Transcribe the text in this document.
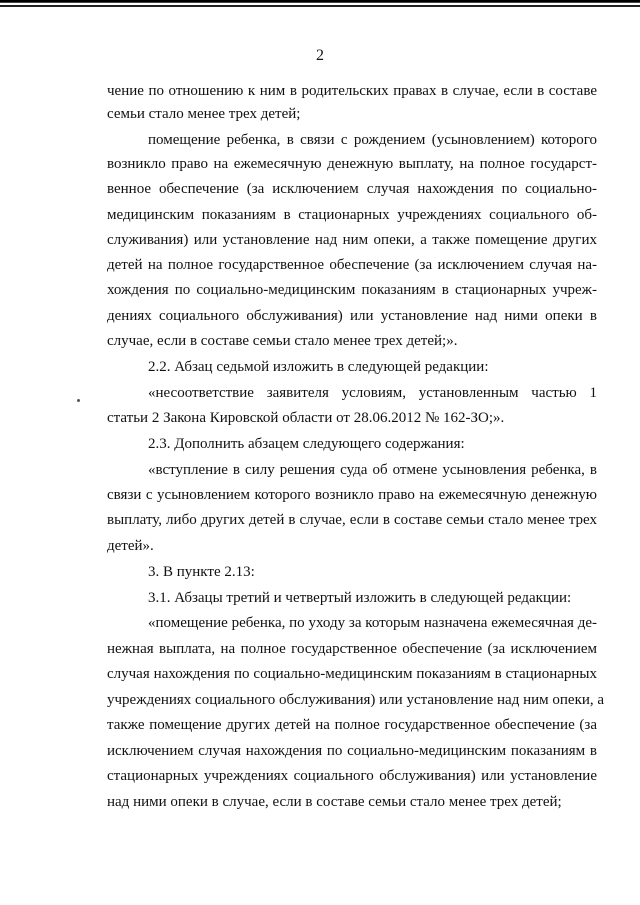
2
чение по отношению к ним в родительских правах в случае, если в составе
семьи стало менее трех детей;
помещение ребенка, в связи с рождением (усыновлением) которого
возникло право на ежемесячную денежную выплату, на полное государст-
венное обеспечение (за исключением случая нахождения по социально-
медицинским показаниям в стационарных учреждениях социального об-
служивания) или установление над ним опеки, а также помещение других
детей на полное государственное обеспечение (за исключением случая на-
хождения по социально-медицинским показаниям в стационарных учреж-
дениях социального обслуживания) или установление над ними опеки в
случае, если в составе семьи стало менее трех детей;».
2.2. Абзац седьмой изложить в следующей редакции:
«несоответствие заявителя условиям, установленным частью 1
статьи 2 Закона Кировской области от 28.06.2012 № 162-ЗО;».
2.3. Дополнить абзацем следующего содержания:
«вступление в силу решения суда об отмене усыновления ребенка, в
связи с усыновлением которого возникло право на ежемесячную денежную
выплату, либо других детей в случае, если в составе семьи стало менее трех
детей».
3. В пункте 2.13:
3.1. Абзацы третий и четвертый изложить в следующей редакции:
«помещение ребенка, по уходу за которым назначена ежемесячная де-
нежная выплата, на полное государственное обеспечение (за исключением
случая нахождения по социально-медицинским показаниям в стационарных
учреждениях социального обслуживания) или установление над ним опеки, а
также помещение других детей на полное государственное обеспечение (за
исключением случая нахождения по социально-медицинским показаниям в
стационарных учреждениях социального обслуживания) или установление
над ними опеки в случае, если в составе семьи стало менее трех детей;
